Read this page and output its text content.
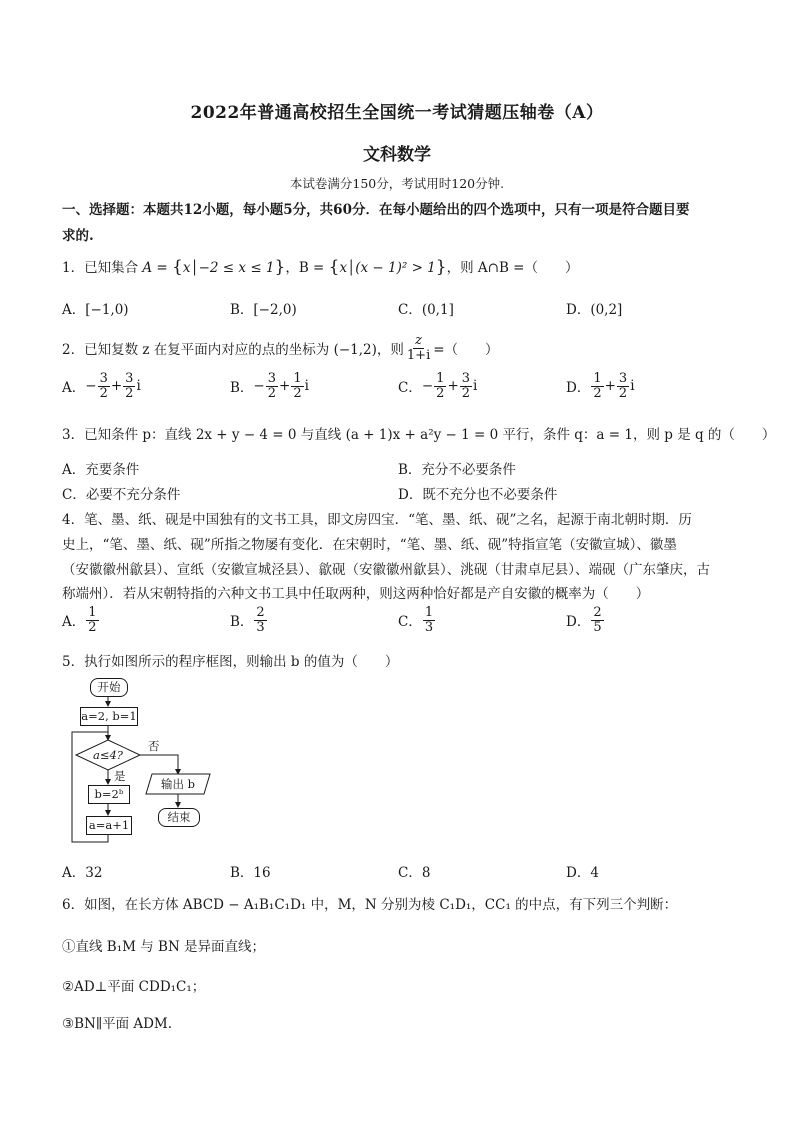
2022年普通高校招生全国统一考试猜题压轴卷（A）
文科数学
本试卷满分150分，考试用时120分钟.
一、选择题：本题共12小题，每小题5分，共60分．在每小题给出的四个选项中，只有一项是符合题目要
求的.
1．已知集合 A = {x│−2 ≤ x ≤ 1}，B = {x│(x − 1)² > 1}，则 A∩B =（　　）
A．[−1,0)	B．[−2,0)	C．(0,1]	D．(0,2]
2． 已知复数 z 在复平面内对应的点的坐标为 (−1,2)，则 $\frac{z}{1+i}$ =（　　）
A． − $\frac{3}{2} + \frac{3}{2}$ i	B． − $\frac{3}{2} + \frac{1}{2}$ i	C． − $\frac{1}{2} + \frac{3}{2}$ i	D． $\frac{1}{2} + \frac{3}{2}$ i
3．已知条件 p：直线 2x + y − 4 = 0 与直线 (a + 1)x + a²y − 1 = 0 平行，条件 q：a = 1，则 p 是 q 的（　　）
A．充要条件	B．充分不必要条件
C．必要不充分条件	D．既不充分也不必要条件
4．笔、墨、纸、砚是中国独有的文书工具，即文房四宝．“笔、墨、纸、砚”之名，起源于南北朝时期．历
史上，“笔、墨、纸、砚”所指之物屡有变化．在宋朝时，“笔、墨、纸、砚”特指宣笔（安徽宣城）、徽墨
（安徽徽州歙县）、宣纸（安徽宣城泾县）、歙砚（安徽徽州歙县）、洮砚（甘肃卓尼县）、端砚（广东肇庆，古
称端州）．若从宋朝特指的六种文书工具中任取两种，则这两种恰好都是产自安徽的概率为（　　）
A． $\frac{1}{2}$	B． $\frac{2}{3}$	C． $\frac{1}{3}$	D． $\frac{2}{5}$
5．执行如图所示的程序框图，则输出 b 的值为（　　）
开始
a=2, b=1
a≤4?
否
是
b=2ᵇ
a=a+1
输出 b
结束
A．32	B．16	C．8	D．4
6．如图，在长方体 ABCD − A₁B₁C₁D₁ 中，M，N 分别为棱 C₁D₁，CC₁ 的中点，有下列三个判断：
①直线 B₁M 与 BN 是异面直线；
②AD⊥平面 CDD₁C₁；
③BN∥平面 ADM.
